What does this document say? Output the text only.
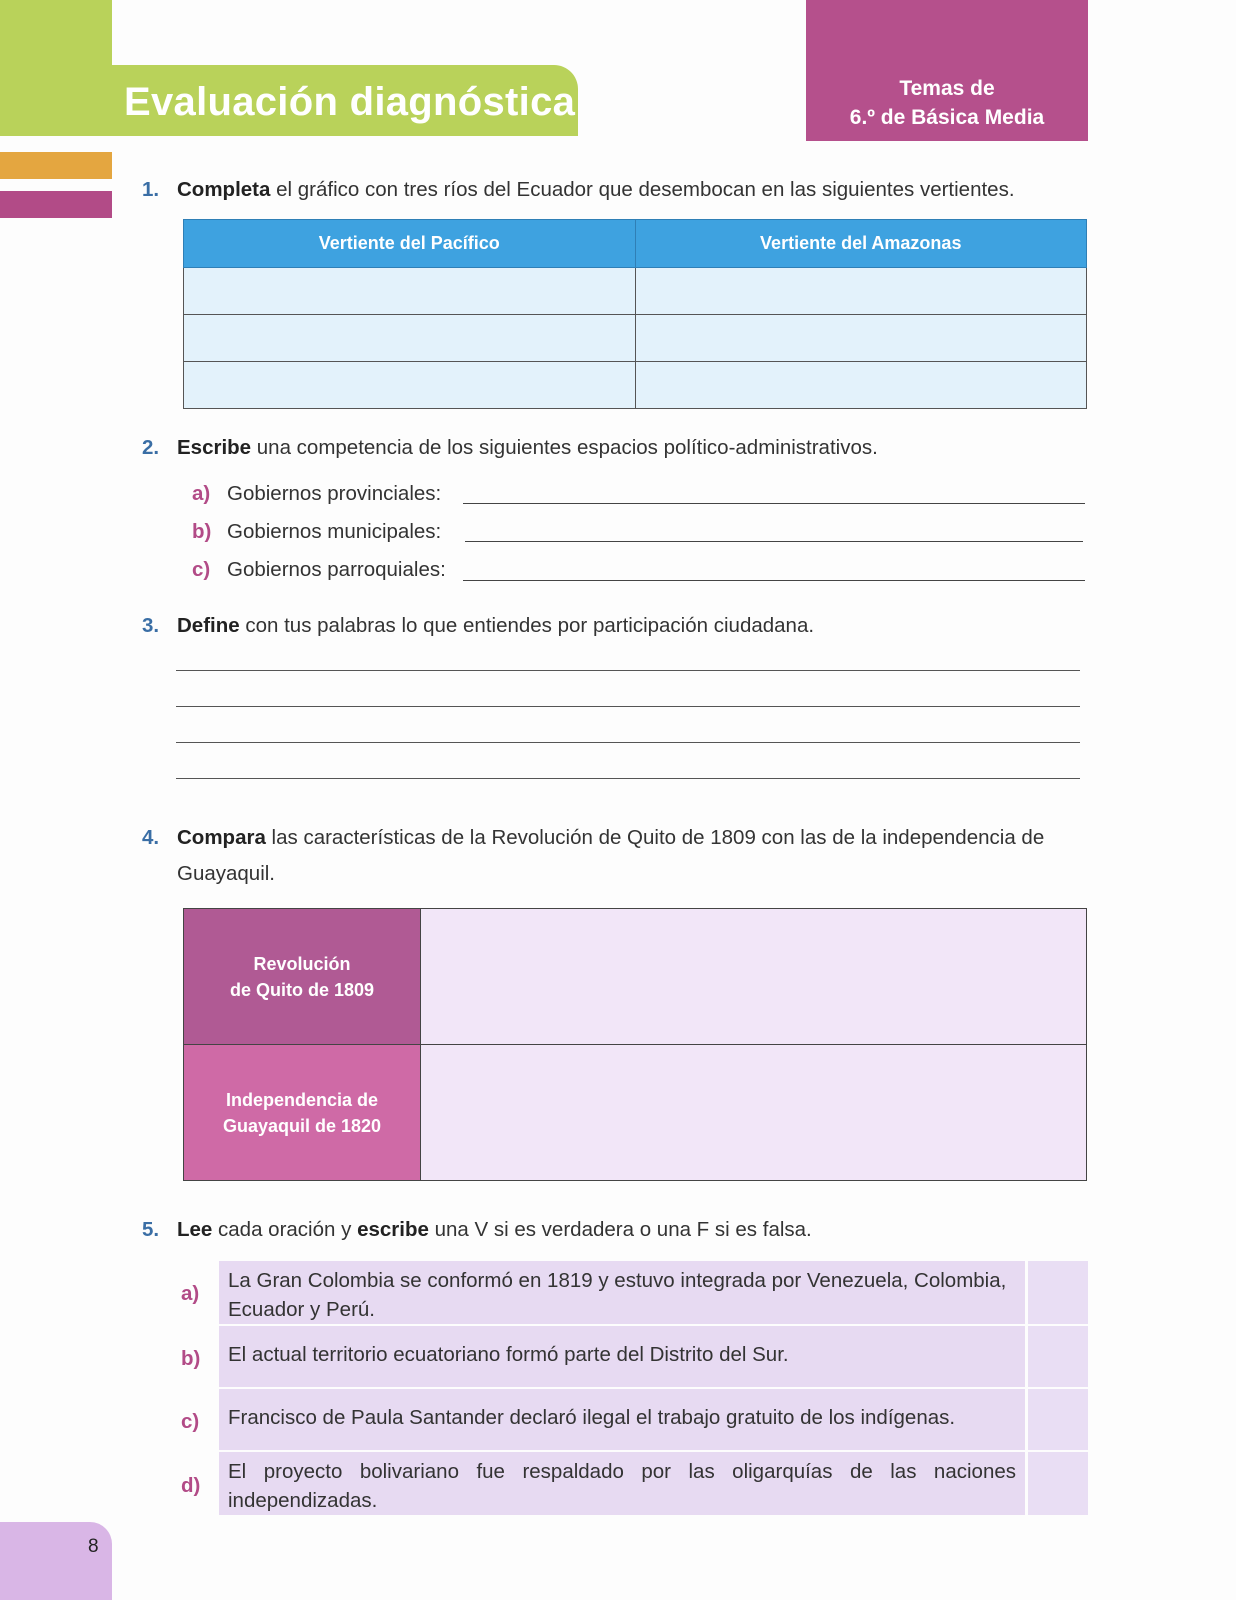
Evaluación diagnóstica	Temas de
6.º de Básica Media
1. Completa el gráfico con tres ríos del Ecuador que desembocan en las siguientes vertientes.
Vertiente del Pacífico	Vertiente del Amazonas

2. Escribe una competencia de los siguientes espacios político-administrativos.
a) Gobiernos provinciales:
b) Gobiernos municipales:
c) Gobiernos parroquiales:
3. Define con tus palabras lo que entiendes por participación ciudadana.
4. Compara las características de la Revolución de Quito de 1809 con las de la independencia de
Guayaquil.
Revolución
de Quito de 1809	

Independencia de
Guayaquil de 1820	

5. Lee cada oración y escribe una V si es verdadera o una F si es falsa.
a)
La Gran Colombia se conformó en 1819 y estuvo integrada por Venezuela, Colombia,
Ecuador y Perú.
b)	El actual territorio ecuatoriano formó parte del Distrito del Sur.
c)	Francisco de Paula Santander declaró ilegal el trabajo gratuito de los indígenas.
d)
El proyecto bolivariano fue respaldado por las oligarquías de las naciones
independizadas.
8
